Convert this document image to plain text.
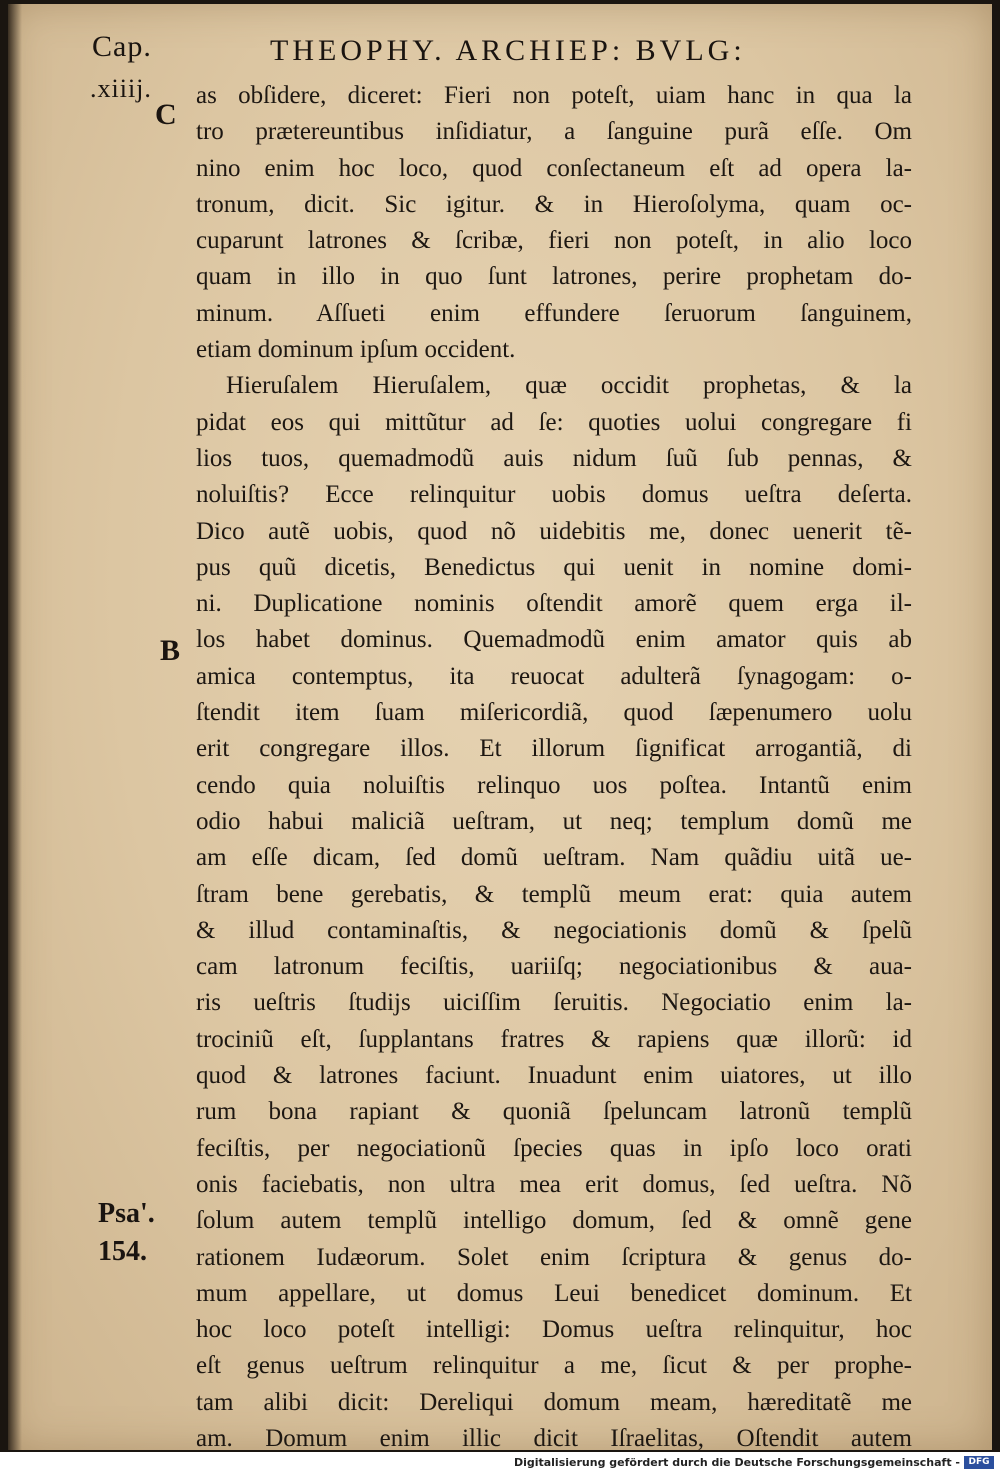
Cap.	THEOPHY. ARCHIEP: BVLG:
.xiiij.
C
B
Psa'.
154.
as obſidere, diceret: Fieri non poteſt, uiam hanc in qua la
tro prætereuntibus inſidiatur, a ſanguine purã eſſe. Om
nino enim hoc loco, quod conſectaneum eſt ad opera la-
tronum, dicit. Sic igitur. & in Hieroſolyma, quam oc-
cuparunt latrones & ſcribæ, fieri non poteſt, in alio loco
quam in illo in quo ſunt latrones, perire prophetam do-
minum. Aſſueti enim effundere ſeruorum ſanguinem,
etiam dominum ipſum occident.
Hieruſalem Hieruſalem, quæ occidit prophetas, & la
pidat eos qui mittũtur ad ſe: quoties uolui congregare fi
lios tuos, quemadmodũ auis nidum ſuũ ſub pennas, &
noluiſtis? Ecce relinquitur uobis domus ueſtra deſerta.
Dico autẽ uobis, quod nõ uidebitis me, donec uenerit tẽ-
pus quũ dicetis, Benedictus qui uenit in nomine domi-
ni. Duplicatione nominis oſtendit amorẽ quem erga il-
los habet dominus. Quemadmodũ enim amator quis ab
amica contemptus, ita reuocat adulterã ſynagogam: o-
ſtendit item ſuam miſericordiã, quod ſæpenumero uolu
erit congregare illos. Et illorum ſignificat arrogantiã, di
cendo quia noluiſtis relinquo uos poſtea. Intantũ enim
odio habui maliciã ueſtram, ut neq; templum domũ me
am eſſe dicam, ſed domũ ueſtram. Nam quãdiu uitã ue-
ſtram bene gerebatis, & templũ meum erat: quia autem
& illud contaminaſtis, & negociationis domũ & ſpelũ
cam latronum feciſtis, uariiſq; negociationibus & aua-
ris ueſtris ſtudijs uiciſſim ſeruitis. Negociatio enim la-
trociniũ eſt, ſupplantans fratres & rapiens quæ illorũ: id
quod & latrones faciunt. Inuadunt enim uiatores, ut illo
rum bona rapiant & quoniã ſpeluncam latronũ templũ
feciſtis, per negociationũ ſpecies quas in ipſo loco orati
onis faciebatis, non ultra mea erit domus, ſed ueſtra. Nõ
ſolum autem templũ intelligo domum, ſed & omnẽ gene
rationem Iudæorum. Solet enim ſcriptura & genus do-
mum appellare, ut domus Leui benedicet dominum. Et
hoc loco poteſt intelligi: Domus ueſtra relinquitur, hoc
eſt genus ueſtrum relinquitur a me, ſicut & per prophe-
tam alibi dicit: Dereliqui domum meam, hæreditatẽ me
am. Domum enim illic dicit Iſraelitas, Oſtendit autem
Digitalisierung gefördert durch die Deutsche Forschungsgemeinschaft - DFG
